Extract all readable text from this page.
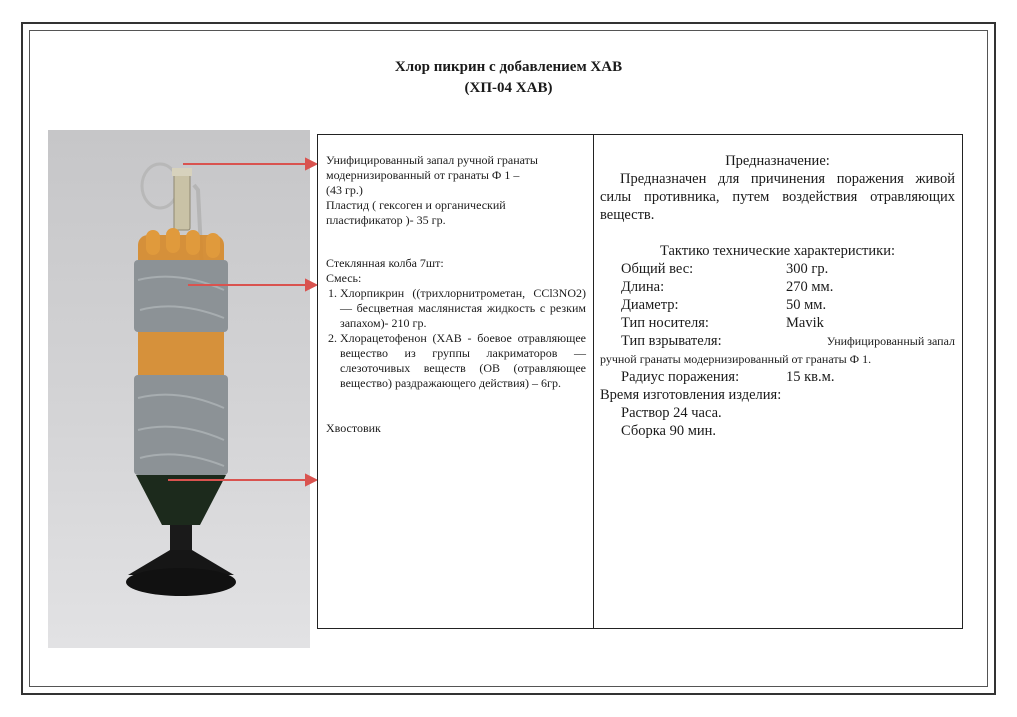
Хлор пикрин с добавлением ХАВ
(ХП-04 ХАВ)

Унифицированный запал ручной гранаты

модернизированный от гранаты Ф 1 –

(43 гр.)

Пластид ( гексоген и органический

пластификатор )- 35 гр.

Стеклянная колба 7шт:

Смесь:

1. Хлорпикрин ((трихлорнитрометан, CCl3NO2) — бесцветная маслянистая жидкость с резким запахом)- 210 гр.
2. Хлорацетофенон (ХАВ - боевое отравляющее вещество из группы лакриматоров — слезоточивых веществ (ОВ (отравляющее вещество) раздражающего действия) – 6гр.

Хвостовик

Предназначение:

Предназначен для причинения поражения живой силы противника, путем воздействия отравляющих веществ.

Тактико технические характеристики:

Общий вес:	300 гр.
Длина:	270 мм.
Диаметр:	50 мм.
Тип носителя:	Mavik
Тип взрывателя:	Унифицированный запал

ручной гранаты модернизированный от гранаты Ф 1.

Радиус поражения:	15 кв.м.

Время изготовления изделия:

Раствор 24 часа.

Сборка 90 мин.
